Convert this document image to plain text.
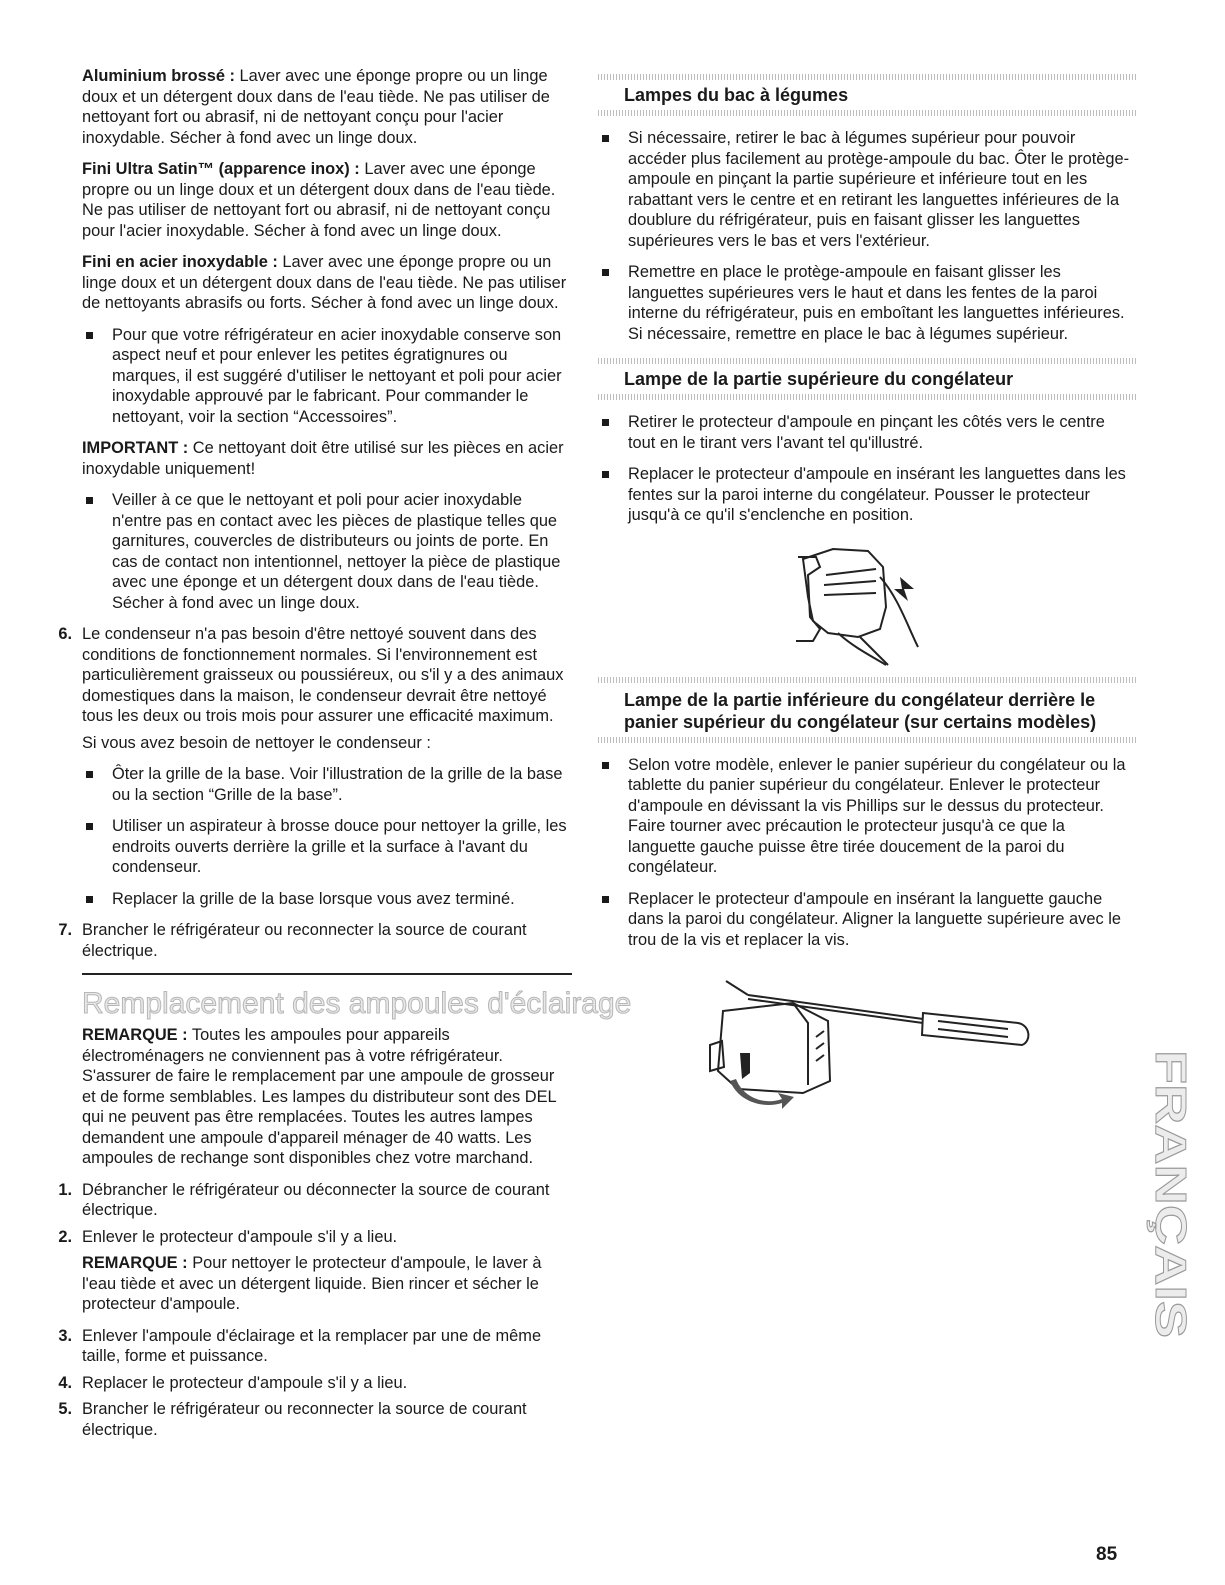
Aluminium brossé : Laver avec une éponge propre ou un linge doux et un détergent doux dans de l'eau tiède. Ne pas utiliser de nettoyant fort ou abrasif, ni de nettoyant conçu pour l'acier inoxydable. Sécher à fond avec un linge doux.

Fini Ultra Satin™ (apparence inox) : Laver avec une éponge propre ou un linge doux et un détergent doux dans de l'eau tiède. Ne pas utiliser de nettoyant fort ou abrasif, ni de nettoyant conçu pour l'acier inoxydable. Sécher à fond avec un linge doux.

Fini en acier inoxydable : Laver avec une éponge propre ou un linge doux et un détergent doux dans de l'eau tiède. Ne pas utiliser de nettoyants abrasifs ou forts. Sécher à fond avec un linge doux.

Pour que votre réfrigérateur en acier inoxydable conserve son aspect neuf et pour enlever les petites égratignures ou marques, il est suggéré d'utiliser le nettoyant et poli pour acier inoxydable approuvé par le fabricant. Pour commander le nettoyant, voir la section “Accessoires”.

IMPORTANT : Ce nettoyant doit être utilisé sur les pièces en acier inoxydable uniquement!

Veiller à ce que le nettoyant et poli pour acier inoxydable n'entre pas en contact avec les pièces de plastique telles que garnitures, couvercles de distributeurs ou joints de porte. En cas de contact non intentionnel, nettoyer la pièce de plastique avec une éponge et un détergent doux dans de l'eau tiède. Sécher à fond avec un linge doux.
6. Le condenseur n'a pas besoin d'être nettoyé souvent dans des conditions de fonctionnement normales. Si l'environnement est particulièrement graisseux ou poussiéreux, ou s'il y a des animaux domestiques dans la maison, le condenseur devrait être nettoyé tous les deux ou trois mois pour assurer une efficacité maximum.

Si vous avez besoin de nettoyer le condenseur :

Ôter la grille de la base. Voir l'illustration de la grille de la base ou la section “Grille de la base”.
Utiliser un aspirateur à brosse douce pour nettoyer la grille, les endroits ouverts derrière la grille et la surface à l'avant du condenseur.
Replacer la grille de la base lorsque vous avez terminé.
7. Brancher le réfrigérateur ou reconnecter la source de courant électrique.
Remplacement des ampoules d'éclairage

REMARQUE : Toutes les ampoules pour appareils électroménagers ne conviennent pas à votre réfrigérateur. S'assurer de faire le remplacement par une ampoule de grosseur et de forme semblables. Les lampes du distributeur sont des DEL qui ne peuvent pas être remplacées. Toutes les autres lampes demandent une ampoule d'appareil ménager de 40 watts. Les ampoules de rechange sont disponibles chez votre marchand.

1. Débrancher le réfrigérateur ou déconnecter la source de courant électrique.
2. Enlever le protecteur d'ampoule s'il y a lieu.

REMARQUE : Pour nettoyer le protecteur d'ampoule, le laver à l'eau tiède et avec un détergent liquide. Bien rincer et sécher le protecteur d'ampoule.

3. Enlever l'ampoule d'éclairage et la remplacer par une de même taille, forme et puissance.
4. Replacer le protecteur d'ampoule s'il y a lieu.
5. Brancher le réfrigérateur ou reconnecter la source de courant électrique.
Lampes du bac à légumes
Si nécessaire, retirer le bac à légumes supérieur pour pouvoir accéder plus facilement au protège-ampoule du bac. Ôter le protège-ampoule en pinçant la partie supérieure et inférieure tout en les rabattant vers le centre et en retirant les languettes inférieures de la doublure du réfrigérateur, puis en faisant glisser les languettes supérieures vers le bas et vers l'extérieur.
Remettre en place le protège-ampoule en faisant glisser les languettes supérieures vers le haut et dans les fentes de la paroi interne du réfrigérateur, puis en emboîtant les languettes inférieures. Si nécessaire, remettre en place le bac à légumes supérieur.
Lampe de la partie supérieure du congélateur
Retirer le protecteur d'ampoule en pinçant les côtés vers le centre tout en le tirant vers l'avant tel qu'illustré.
Replacer le protecteur d'ampoule en insérant les languettes dans les fentes sur la paroi interne du congélateur. Pousser le protecteur jusqu'à ce qu'il s'enclenche en position.
Lampe de la partie inférieure du congélateur derrière le panier supérieur du congélateur (sur certains modèles)
Selon votre modèle, enlever le panier supérieur du congélateur ou la tablette du panier supérieur du congélateur. Enlever le protecteur d'ampoule en dévissant la vis Phillips sur le dessus du protecteur. Faire tourner avec précaution le protecteur jusqu'à ce que la languette gauche puisse être tirée doucement de la paroi du congélateur.
Replacer le protecteur d'ampoule en insérant la languette gauche dans la paroi du congélateur. Aligner la languette supérieure avec le trou de la vis et replacer la vis.
FRANÇAIS
85
